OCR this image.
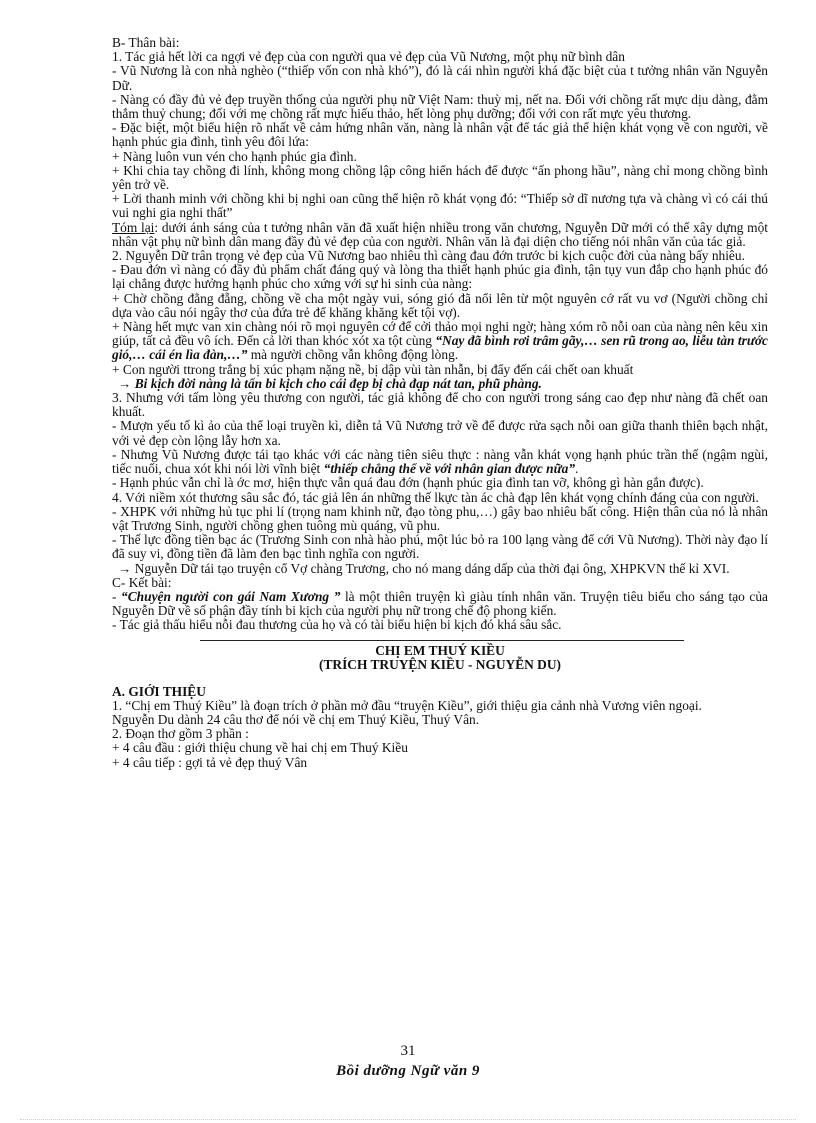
B- Thân bài:

1. Tác giả hết lời ca ngợi vẻ đẹp của con người qua vẻ đẹp của Vũ Nương, một phụ nữ bình dân

- Vũ Nương là con nhà nghèo (“thiếp vốn con nhà khó”), đó là cái nhìn người khá đặc biệt của t tưởng nhân văn Nguyễn Dữ.

- Nàng có đầy đủ vẻ đẹp truyền thống của người phụ nữ Việt Nam: thuỳ mị, nết na. Đối với chồng rất mực dịu dàng, đằm thắm thuỷ chung; đối với mẹ chồng rất mực hiếu thảo, hết lòng phụ dưỡng; đối với con rất mực yêu thương.

- Đặc biệt, một biểu hiện rõ nhất về cảm hứng nhân văn, nàng là nhân vật để tác giả thể hiện khát vọng về con người, về hạnh phúc gia đình, tình yêu đôi lứa:

+ Nàng luôn vun vén cho hạnh phúc gia đình.

+ Khi chia tay chồng đi lính, không mong chồng lập công hiển hách để được “ấn phong hầu”, nàng chỉ mong chồng bình yên trở về.

+ Lời thanh minh với chồng khi bị nghi oan cũng thể hiện rõ khát vọng đó: “Thiếp sở dĩ nương tựa và chàng vì có cái thú vui nghi gia nghi thất”

Tóm lại: dưới ánh sáng của t tưởng nhân văn đã xuất hiện nhiều trong văn chương, Nguyễn Dữ mới có thể xây dựng một nhân vật phụ nữ bình dân mang đầy đủ vẻ đẹp của con người. Nhân văn là đại diện cho tiếng nói nhân văn của tác giả.

2. Nguyễn Dữ trân trọng vẻ đẹp của Vũ Nương bao nhiêu thì càng đau đớn trước bi kịch cuộc đời của nàng bấy nhiêu.

- Đau đớn vì nàng có đầy đủ phẩm chất đáng quý và lòng tha thiết hạnh phúc gia đình, tận tụy vun đắp cho hạnh phúc đó lại chẳng được hưởng hạnh phúc cho xứng với sự hi sinh của nàng:

+ Chờ chồng đằng đẵng, chồng về cha một ngày vui, sóng gió đã nổi lên từ một nguyên cớ rất vu vơ (Người chồng chỉ dựa vào câu nói ngây thơ của đứa trẻ để khăng khăng kết tội vợ).

+ Nàng hết mực van xin chàng nói rõ mọi nguyên cớ để cởi thảo mọi nghi ngờ; hàng xóm rõ nỗi oan của nàng nên kêu xin giúp, tất cả đều vô ích. Đến cả lời than khóc xót xa tột cùng “Nay đã bình rơi trâm gãy,… sen rũ trong ao, liễu tàn trước gió,… cái én lìa đàn,…” mà người chồng vẫn không động lòng.

+ Con người ttrong trắng bị xúc phạm nặng nề, bị dập vùi tàn nhẫn, bị đẩy đến cái chết oan khuất

→ Bi kịch đời nàng là tấn bi kịch cho cái đẹp bị chà đạp nát tan, phũ phàng.

3. Nhưng với tấm lòng yêu thương con người, tác giả không để cho con người trong sáng cao đẹp như nàng đã chết oan khuất.

- Mượn yếu tố kì ảo của thể loại truyền kì, diễn tả Vũ Nương trở về để được rửa sạch nỗi oan giữa thanh thiên bạch nhật, với vẻ đẹp còn lộng lẫy hơn xa.

- Nhưng Vũ Nương được tái tạo khác với các nàng tiên siêu thực : nàng vẫn khát vọng hạnh phúc trần thế (ngậm ngùi, tiếc nuối, chua xót khi nói lời vĩnh biệt “thiếp chẳng thể về với nhân gian được nữa”.

- Hạnh phúc vẫn chỉ là ớc mơ, hiện thực vẫn quá đau đớn (hạnh phúc gia đình tan vỡ, không gì hàn gắn được).

4. Với niềm xót thương sâu sắc đó, tác giả lên án những thế lkực tàn ác chà đạp lên khát vọng chính đáng của con người.

- XHPK với những hủ tục phi lí (trọng nam khinh nữ, đạo tòng phu,…) gây bao nhiêu bất công. Hiện thân của nó là nhân vật Trương Sinh, người chồng ghen tuông mù quáng, vũ phu.

- Thế lực đồng tiền bạc ác (Trương Sinh con nhà hào phú, một lúc bỏ ra 100 lạng vàng để cới Vũ Nương). Thời này đạo lí đã suy vi, đồng tiền đã làm đen bạc tình nghĩa con người.

→ Nguyễn Dữ tái tạo truyện cổ Vợ chàng Trương, cho nó mang dáng dấp của thời đại ông, XHPKVN thế kỉ XVI.

C- Kết bài:

- “Chuyện người con gái Nam Xương ” là một thiên truyện kì giàu tính nhân văn. Truyện tiêu biểu cho sáng tạo của Nguyễn Dữ về số phận đầy tính bi kịch của người phụ nữ trong chế độ phong kiến.

- Tác giả thấu hiểu nỗi đau thương của họ và có tài biểu hiện bi kịch đó khá sâu sắc.

CHỊ EM THUÝ KIỀU
(TRÍCH TRUYỆN KIỀU - NGUYỄN DU)

A. GIỚI THIỆU

1. “Chị em Thuý Kiều” là đoạn trích ở phần mở đầu “truyện Kiều”, giới thiệu gia cảnh nhà Vương viên ngoại.

Nguyễn Du dành 24 câu thơ để nói về chị em Thuý Kiều, Thuý Vân.

2. Đoạn thơ gồm 3 phần :

+ 4 câu đầu : giới thiệu chung về hai chị em Thuý Kiều

+ 4 câu tiếp : gợi tả vẻ đẹp thuý Vân

31
Bồi dưỡng Ngữ văn 9
